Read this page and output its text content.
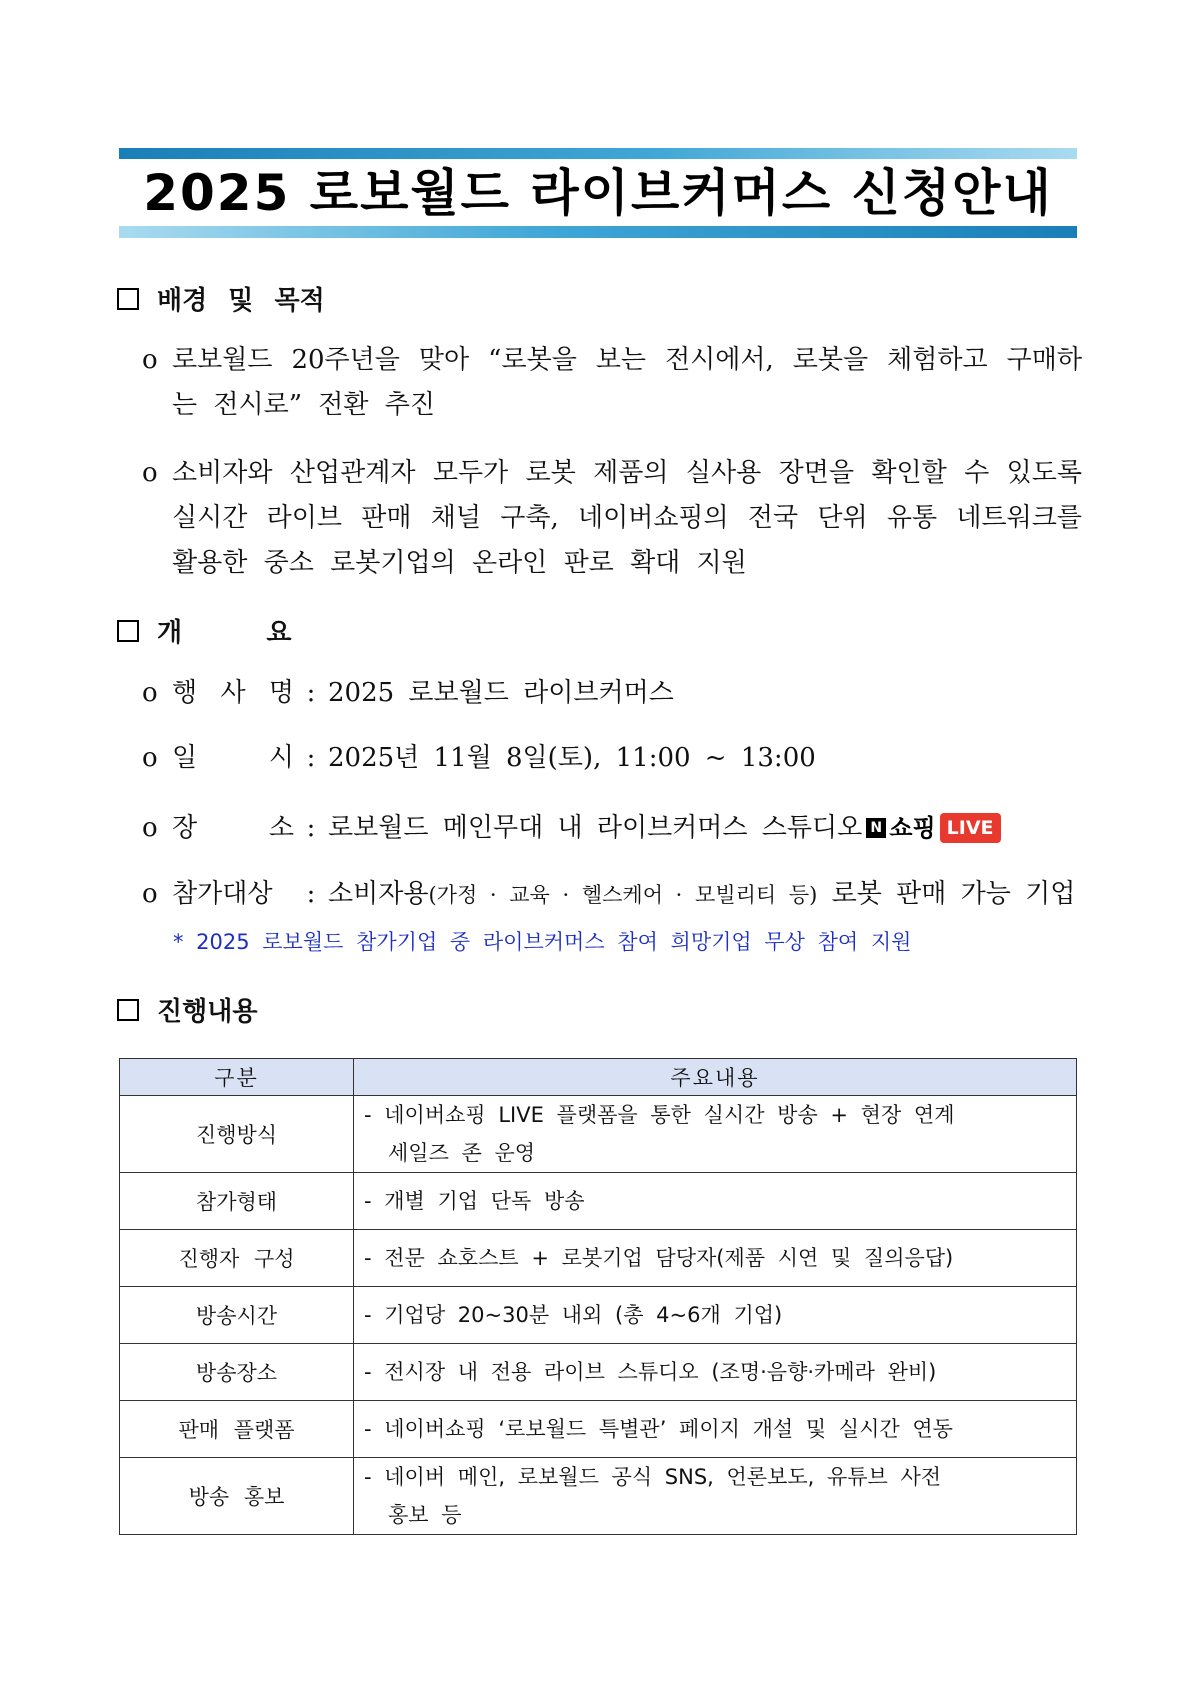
2025 로보월드 라이브커머스 신청안내
배경 및 목적
o 로보월드 20주년을 맞아 “로봇을 보는 전시에서, 로봇을 체험하고 구매하는 전시로” 전환 추진
o 소비자와 산업관계자 모두가 로봇 제품의 실사용 장면을 확인할 수 있도록 실시간 라이브 판매 채널 구축, 네이버쇼핑의 전국 단위 유통 네트워크를 활용한 중소 로봇기업의 온라인 판로 확대 지원
개    요
o 행 사 명 : 2025 로보월드 라이브커머스
o 일	시 : 2025년 11월 8일(토), 11:00 ~ 13:00
o 장	소 : 로보월드 메인무대 내 라이브커머스 스튜디오 N 쇼핑 LIVE
o 참가대상	: 소비자용(가정 · 교육 · 헬스케어 · 모빌리티 등) 로봇 판매 가능 기업
* 2025 로보월드 참가기업 중 라이브커머스 참여 희망기업 무상 참여 지원
진행내용
구분	주요내용
진행방식	- 네이버쇼핑 LIVE 플랫폼을 통한 실시간 방송 + 현장 연계
세일즈 존 운영

참가형태	- 개별 기업 단독 방송
진행자 구성	- 전문 쇼호스트 + 로봇기업 담당자(제품 시연 및 질의응답)
방송시간	- 기업당 20~30분 내외 (총 4~6개 기업)
방송장소	- 전시장 내 전용 라이브 스튜디오 (조명·음향·카메라 완비)
판매 플랫폼	- 네이버쇼핑 ‘로보월드 특별관’ 페이지 개설 및 실시간 연동
방송 홍보	- 네이버 메인, 로보월드 공식 SNS, 언론보도, 유튜브 사전
홍보 등
